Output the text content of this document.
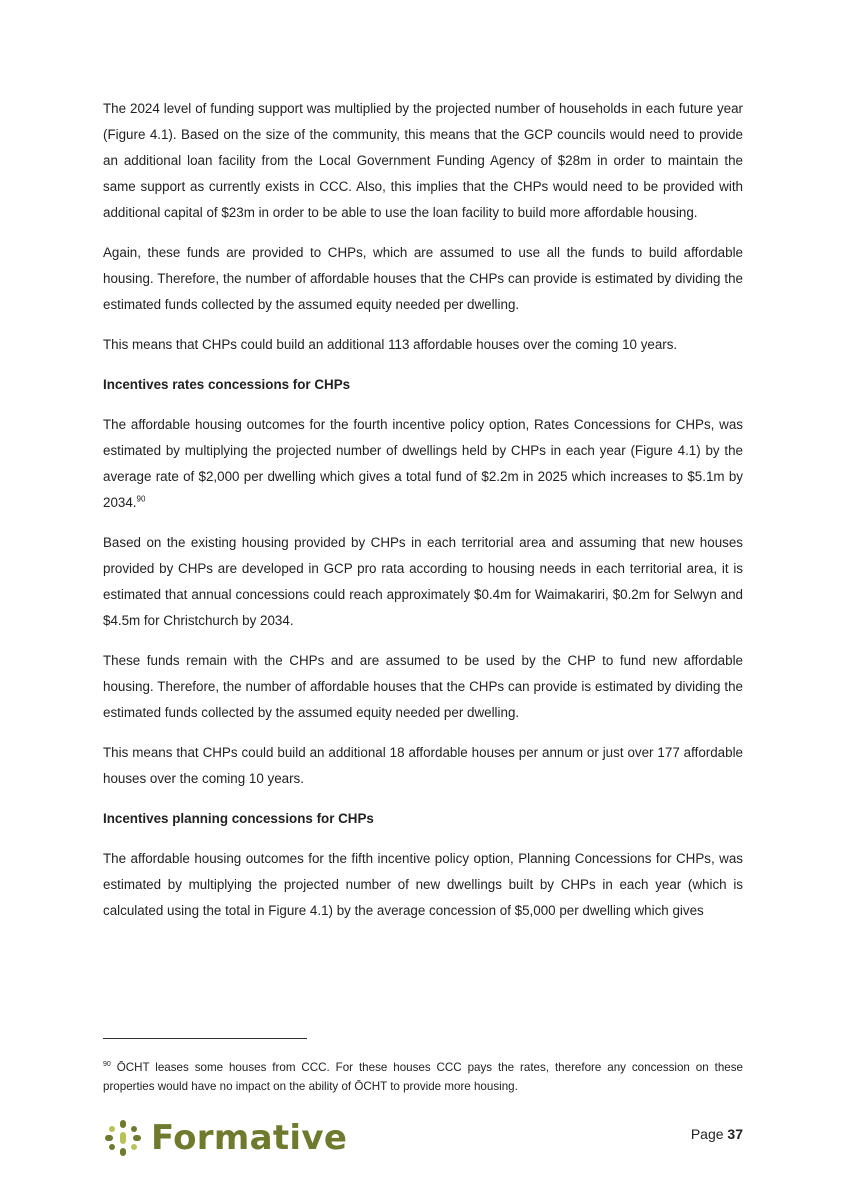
The 2024 level of funding support was multiplied by the projected number of households in each future year (Figure 4.1). Based on the size of the community, this means that the GCP councils would need to provide an additional loan facility from the Local Government Funding Agency of $28m in order to maintain the same support as currently exists in CCC. Also, this implies that the CHPs would need to be provided with additional capital of $23m in order to be able to use the loan facility to build more affordable housing.

Again, these funds are provided to CHPs, which are assumed to use all the funds to build affordable housing. Therefore, the number of affordable houses that the CHPs can provide is estimated by dividing the estimated funds collected by the assumed equity needed per dwelling.

This means that CHPs could build an additional 113 affordable houses over the coming 10 years.

Incentives rates concessions for CHPs

The affordable housing outcomes for the fourth incentive policy option, Rates Concessions for CHPs, was estimated by multiplying the projected number of dwellings held by CHPs in each year (Figure 4.1) by the average rate of $2,000 per dwelling which gives a total fund of $2.2m in 2025 which increases to $5.1m by 2034.90

Based on the existing housing provided by CHPs in each territorial area and assuming that new houses provided by CHPs are developed in GCP pro rata according to housing needs in each territorial area, it is estimated that annual concessions could reach approximately $0.4m for Waimakariri, $0.2m for Selwyn and $4.5m for Christchurch by 2034.

These funds remain with the CHPs and are assumed to be used by the CHP to fund new affordable housing. Therefore, the number of affordable houses that the CHPs can provide is estimated by dividing the estimated funds collected by the assumed equity needed per dwelling.

This means that CHPs could build an additional 18 affordable houses per annum or just over 177 affordable houses over the coming 10 years.

Incentives planning concessions for CHPs

The affordable housing outcomes for the fifth incentive policy option, Planning Concessions for CHPs, was estimated by multiplying the projected number of new dwellings built by CHPs in each year (which is calculated using the total in Figure 4.1) by the average concession of $5,000 per dwelling which gives

$^{90}$ ŌCHT leases some houses from CCC. For these houses CCC pays the rates, therefore any concession on these properties would have no impact on the ability of ŌCHT to provide more housing.

Formative	Page 37
